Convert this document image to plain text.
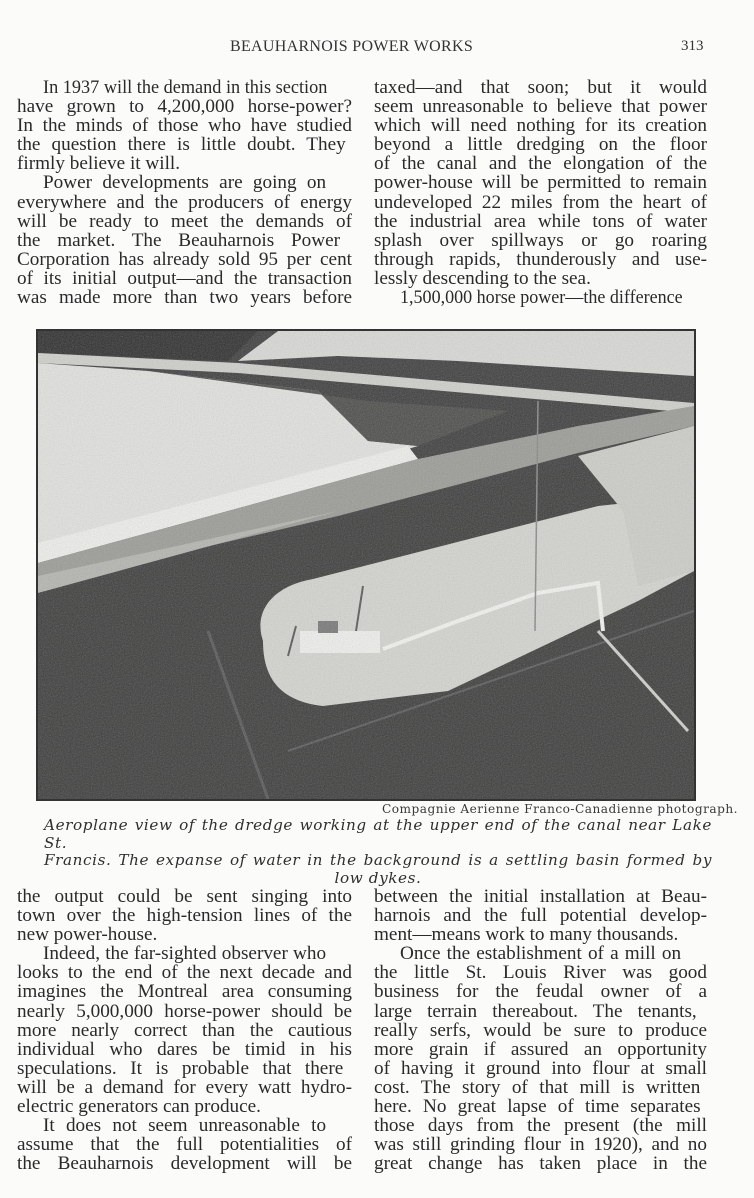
BEAUHARNOIS POWER WORKS	313
In 1937 will the demand in this section
have grown to 4,200,000 horse-power?
In the minds of those who have studied
the question there is little doubt. They
firmly believe it will.
Power developments are going on
everywhere and the producers of energy
will be ready to meet the demands of
the market. The Beauharnois Power
Corporation has already sold 95 per cent
of its initial output—and the transaction
was made more than two years before
taxed—and that soon; but it would
seem unreasonable to believe that power
which will need nothing for its creation
beyond a little dredging on the floor
of the canal and the elongation of the
power-house will be permitted to remain
undeveloped 22 miles from the heart of
the industrial area while tons of water
splash over spillways or go roaring
through rapids, thunderously and use-
lessly descending to the sea.
1,500,000 horse power—the difference
Compagnie Aerienne Franco-Canadienne photograph.
Aeroplane view of the dredge working at the upper end of the canal near Lake St.
Francis. The expanse of water in the background is a settling basin formed by
low dykes.
the output could be sent singing into
town over the high-tension lines of the
new power-house.
Indeed, the far-sighted observer who
looks to the end of the next decade and
imagines the Montreal area consuming
nearly 5,000,000 horse-power should be
more nearly correct than the cautious
individual who dares be timid in his
speculations. It is probable that there
will be a demand for every watt hydro-
electric generators can produce.
It does not seem unreasonable to
assume that the full potentialities of
the Beauharnois development will be
between the initial installation at Beau-
harnois and the full potential develop-
ment—means work to many thousands.
Once the establishment of a mill on
the little St. Louis River was good
business for the feudal owner of a
large terrain thereabout. The tenants,
really serfs, would be sure to produce
more grain if assured an opportunity
of having it ground into flour at small
cost. The story of that mill is written
here. No great lapse of time separates
those days from the present (the mill
was still grinding flour in 1920), and no
great change has taken place in the
